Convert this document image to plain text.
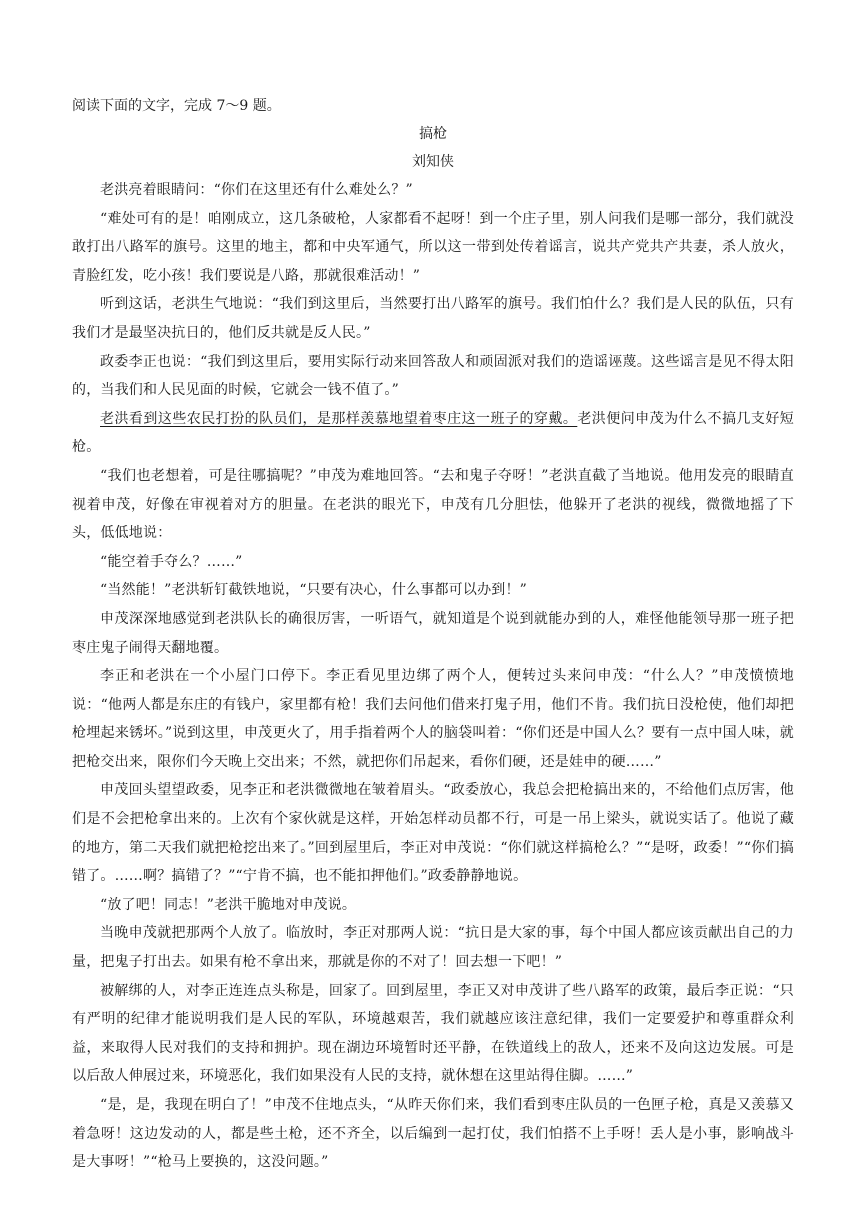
阅读下面的文字，完成 7～9 题。

搞枪

刘知侠

老洪亮着眼睛问：“你们在这里还有什么难处么？”

“难处可有的是！咱刚成立，这几条破枪，人家都看不起呀！到一个庄子里，别人问我们是哪一部分，我们就没敢打出八路军的旗号。这里的地主，都和中央军通气，所以这一带到处传着谣言，说共产党共产共妻，杀人放火，青脸红发，吃小孩！我们要说是八路，那就很难活动！”

听到这话，老洪生气地说：“我们到这里后，当然要打出八路军的旗号。我们怕什么？我们是人民的队伍，只有我们才是最坚决抗日的，他们反共就是反人民。”

政委李正也说：“我们到这里后，要用实际行动来回答敌人和顽固派对我们的造谣诬蔑。这些谣言是见不得太阳的，当我们和人民见面的时候，它就会一钱不值了。”

老洪看到这些农民打扮的队员们，是那样羡慕地望着枣庄这一班子的穿戴。老洪便问申茂为什么不搞几支好短枪。

“我们也老想着，可是往哪搞呢？”申茂为难地回答。“去和鬼子夺呀！”老洪直截了当地说。他用发亮的眼睛直视着申茂，好像在审视着对方的胆量。在老洪的眼光下，申茂有几分胆怯，他躲开了老洪的视线，微微地摇了下头，低低地说：

“能空着手夺么？……”

“当然能！”老洪斩钉截铁地说，“只要有决心，什么事都可以办到！”

申茂深深地感觉到老洪队长的确很厉害，一听语气，就知道是个说到就能办到的人，难怪他能领导那一班子把枣庄鬼子闹得天翻地覆。

李正和老洪在一个小屋门口停下。李正看见里边绑了两个人，便转过头来问申茂：“什么人？”申茂愤愤地说：“他两人都是东庄的有钱户，家里都有枪！我们去问他们借来打鬼子用，他们不肯。我们抗日没枪使，他们却把枪埋起来锈坏。”说到这里，申茂更火了，用手指着两个人的脑袋叫着：“你们还是中国人么？要有一点中国人味，就把枪交出来，限你们今天晚上交出来；不然，就把你们吊起来，看你们硬，还是娃申的硬……”

申茂回头望望政委，见李正和老洪微微地在皱着眉头。“政委放心，我总会把枪搞出来的，不给他们点厉害，他们是不会把枪拿出来的。上次有个家伙就是这样，开始怎样动员都不行，可是一吊上梁头，就说实话了。他说了藏的地方，第二天我们就把枪挖出来了。”回到屋里后，李正对申茂说：“你们就这样搞枪么？”“是呀，政委！”“你们搞错了。……啊？搞错了？”“宁肯不搞，也不能扣押他们。”政委静静地说。

“放了吧！同志！”老洪干脆地对申茂说。

当晚申茂就把那两个人放了。临放时，李正对那两人说：“抗日是大家的事，每个中国人都应该贡献出自己的力量，把鬼子打出去。如果有枪不拿出来，那就是你的不对了！回去想一下吧！”

被解绑的人，对李正连连点头称是，回家了。回到屋里，李正又对申茂讲了些八路军的政策，最后李正说：“只有严明的纪律才能说明我们是人民的军队，环境越艰苦，我们就越应该注意纪律，我们一定要爱护和尊重群众利益，来取得人民对我们的支持和拥护。现在湖边环境暂时还平静，在铁道线上的敌人，还来不及向这边发展。可是以后敌人伸展过来，环境恶化，我们如果没有人民的支持，就休想在这里站得住脚。……”

“是，是，我现在明白了！”申茂不住地点头，“从昨天你们来，我们看到枣庄队员的一色匣子枪，真是又羡慕又着急呀！这边发动的人，都是些土枪，还不齐全，以后编到一起打仗，我们怕搭不上手呀！丢人是小事，影响战斗是大事呀！”“枪马上要换的，这没问题。”
